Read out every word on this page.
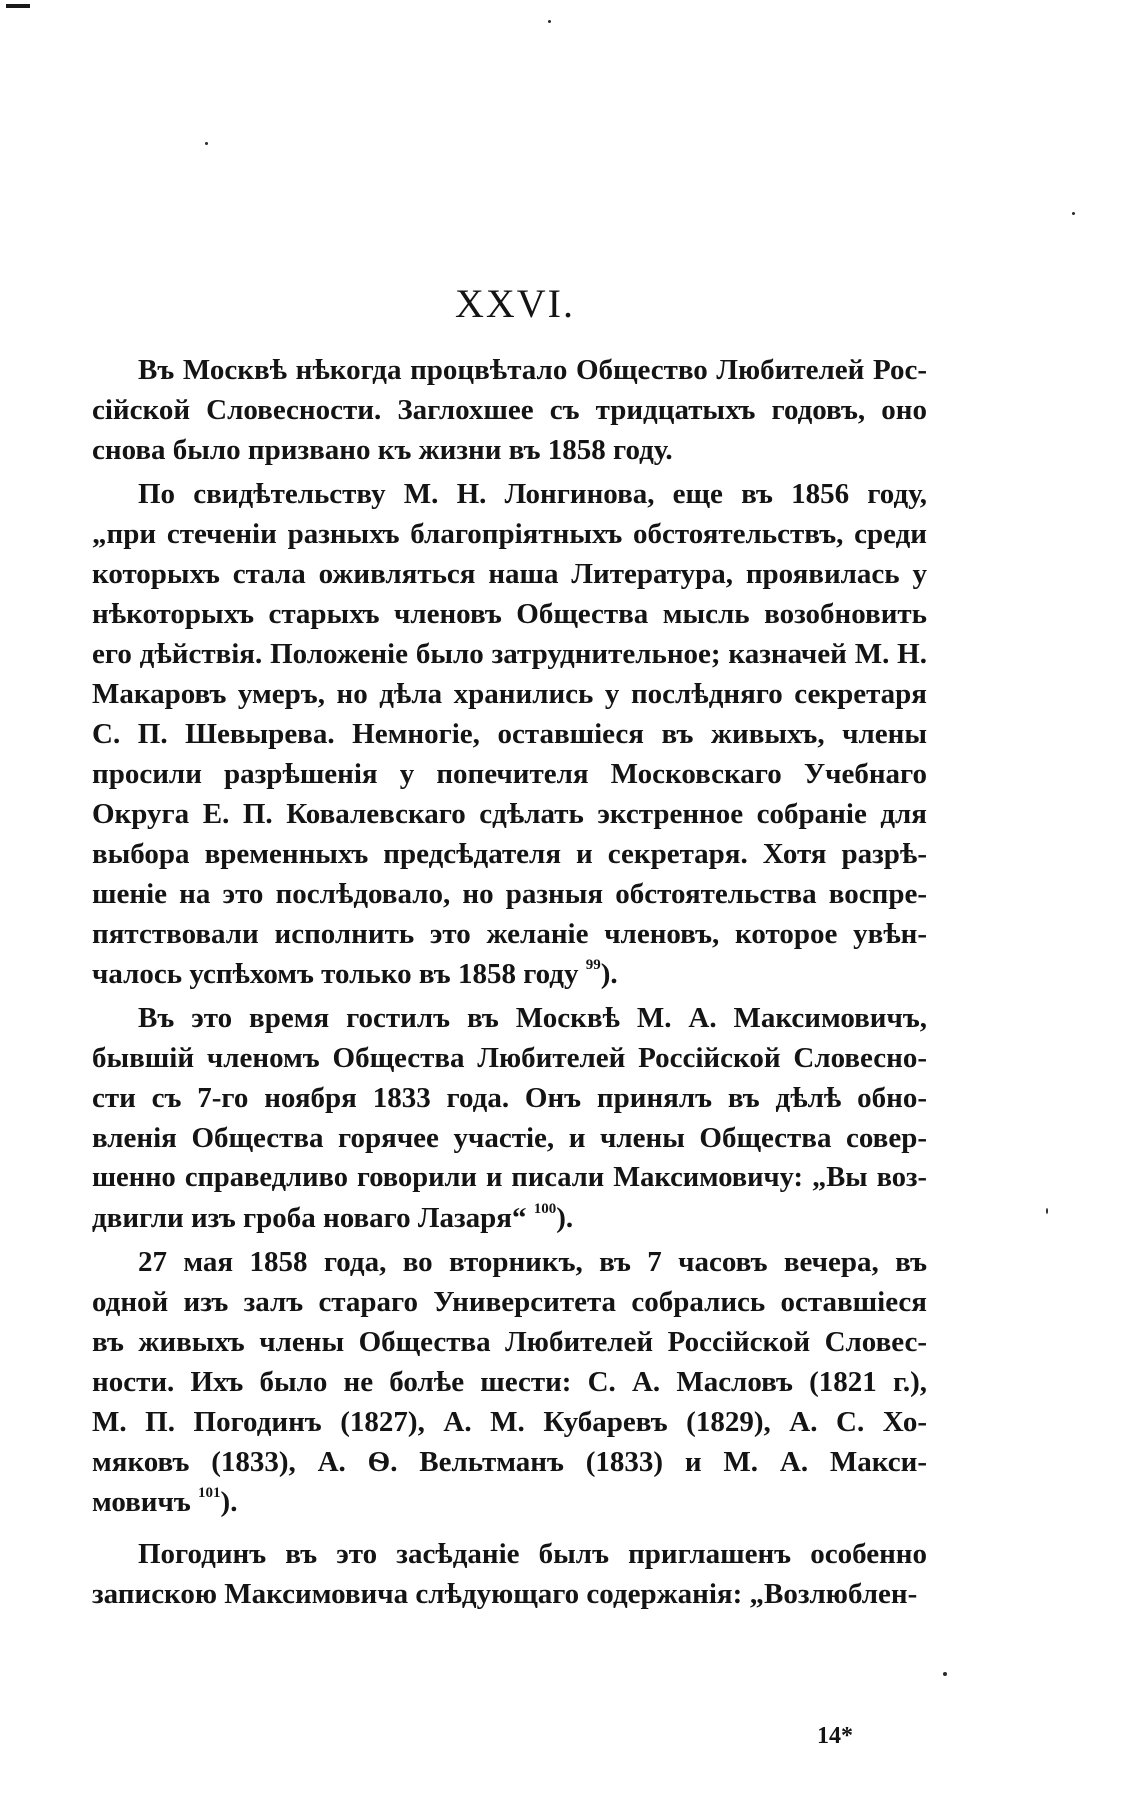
XXVI.
Въ Москвѣ нѣкогда процвѣтало Общество Любителей Рос-
сійской Словесности. Заглохшее съ тридцатыхъ годовъ, оно
снова было призвано къ жизни въ 1858 году.
По свидѣтельству М. Н. Лонгинова, еще въ 1856 году,
„при стеченіи разныхъ благопріятныхъ обстоятельствъ, среди
которыхъ стала оживляться наша Литература, проявилась у
нѣкоторыхъ старыхъ членовъ Общества мысль возобновить
его дѣйствія. Положеніе было затруднительное; казначей М. Н.
Макаровъ умеръ, но дѣла хранились у послѣдняго секретаря
С. П. Шевырева. Немногіе, оставшіеся въ живыхъ, члены
просили разрѣшенія у попечителя Московскаго Учебнаго
Округа Е. П. Ковалевскаго сдѣлать экстренное собраніе для
выбора временныхъ предсѣдателя и секретаря. Хотя разрѣ-
шеніе на это послѣдовало, но разныя обстоятельства воспре-
пятствовали исполнить это желаніе членовъ, которое увѣн-
чалось успѣхомъ только въ 1858 году $^{99}$).
Въ это время гостилъ въ Москвѣ М. А. Максимовичъ,
бывшій членомъ Общества Любителей Россійской Словесно-
сти съ 7-го ноября 1833 года. Онъ принялъ въ дѣлѣ обно-
вленія Общества горячее участіе, и члены Общества совер-
шенно справедливо говорили и писали Максимовичу: „Вы воз-
двигли изъ гроба новаго Лазаря“ $^{100}$).
27 мая 1858 года, во вторникъ, въ 7 часовъ вечера, въ
одной изъ залъ стараго Университета собрались оставшіеся
въ живыхъ члены Общества Любителей Россійской Словес-
ности. Ихъ было не болѣе шести: С. А. Масловъ (1821 г.),
М. П. Погодинъ (1827), А. М. Кубаревъ (1829), А. С. Хо-
мяковъ (1833), А. Ѳ. Вельтманъ (1833) и М. А. Макси-
мовичъ $^{101}$).
Погодинъ въ это засѣданіе былъ приглашенъ особенно
запискою Максимовича слѣдующаго содержанія: „Возлюблен-

14*
